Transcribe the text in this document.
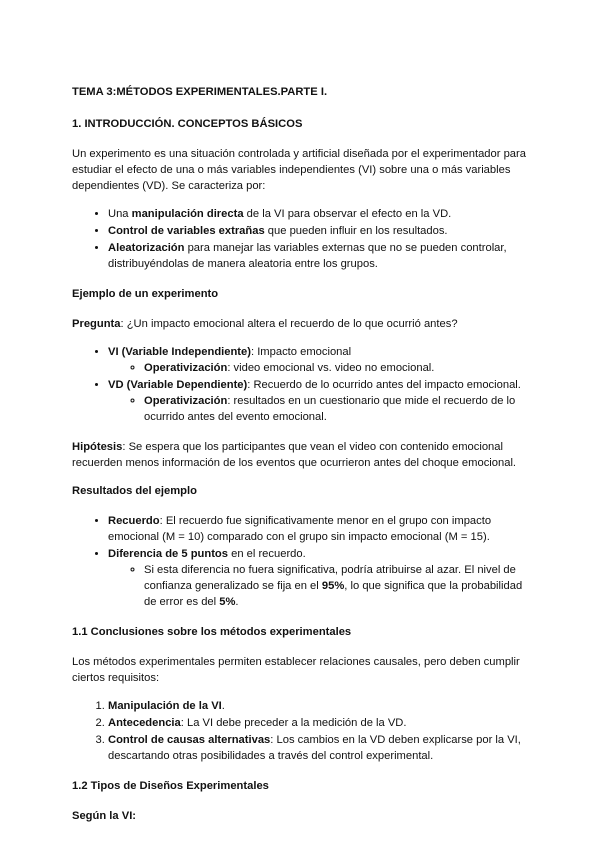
TEMA 3:MÉTODOS EXPERIMENTALES.PARTE I.
1. INTRODUCCIÓN. CONCEPTOS BÁSICOS

Un experimento es una situación controlada y artificial diseñada por el experimentador para estudiar el efecto de una o más variables independientes (VI) sobre una o más variables dependientes (VD). Se caracteriza por:

• Una manipulación directa de la VI para observar el efecto en la VD.
• Control de variables extrañas que pueden influir en los resultados.
• Aleatorización para manejar las variables externas que no se pueden controlar, distribuyéndolas de manera aleatoria entre los grupos.
Ejemplo de un experimento

Pregunta: ¿Un impacto emocional altera el recuerdo de lo que ocurrió antes?

• VI (Variable Independiente): Impacto emocional
◦ Operativización: video emocional vs. video no emocional.
• VD (Variable Dependiente): Recuerdo de lo ocurrido antes del impacto emocional.
◦ Operativización: resultados en un cuestionario que mide el recuerdo de lo ocurrido antes del evento emocional.

Hipótesis: Se espera que los participantes que vean el video con contenido emocional recuerden menos información de los eventos que ocurrieron antes del choque emocional.

Resultados del ejemplo
• Recuerdo: El recuerdo fue significativamente menor en el grupo con impacto emocional (M = 10) comparado con el grupo sin impacto emocional (M = 15).
• Diferencia de 5 puntos en el recuerdo.
◦ Si esta diferencia no fuera significativa, podría atribuirse al azar. El nivel de confianza generalizado se fija en el 95%, lo que significa que la probabilidad de error es del 5%.
1.1 Conclusiones sobre los métodos experimentales

Los métodos experimentales permiten establecer relaciones causales, pero deben cumplir ciertos requisitos:

1. Manipulación de la VI.
2. Antecedencia: La VI debe preceder a la medición de la VD.
3. Control de causas alternativas: Los cambios en la VD deben explicarse por la VI, descartando otras posibilidades a través del control experimental.
1.2 Tipos de Diseños Experimentales
Según la VI:
